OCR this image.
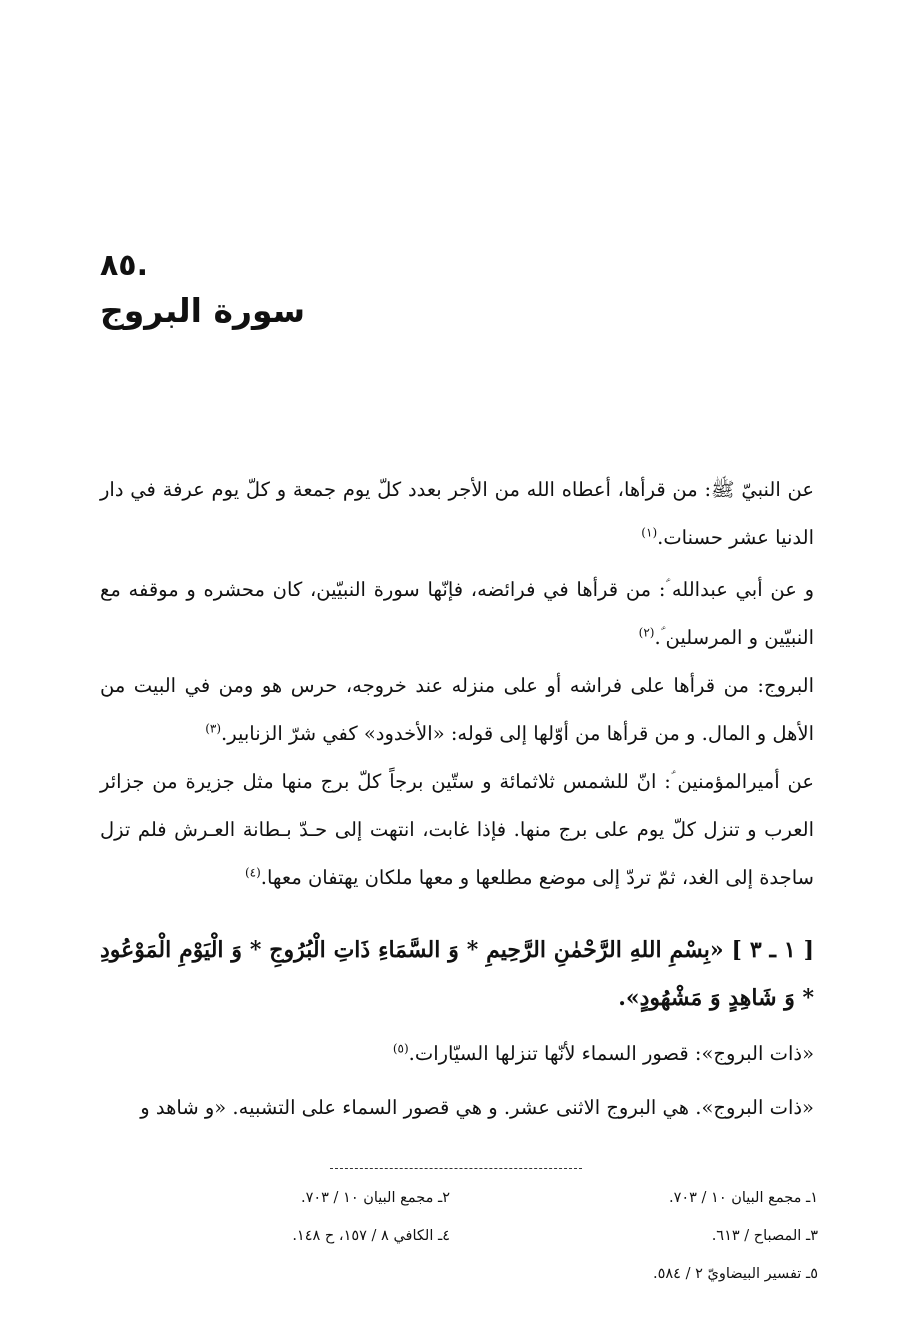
.٨٥
سورة البروج

عن النبيّ ﷺ: من قرأها، أعطاه الله من الأجر بعدد كلّ يوم جمعة و كلّ يوم عرفة في دار الدنيا عشر حسنات.$^{(١)}$

و عن أبي عبدالله ؑ: من قرأها في فرائضه، فإنّها سورة النبيّين، كان محشره و موقفه مع النبيّين و المرسلين ؑ.$^{(٢)}$

البروج: من قرأها على فراشه أو على منزله عند خروجه، حرس هو ومن في البيت من الأهل و المال. و من قرأها من أوّلها إلى قوله: «الأخدود» كفي شرّ الزنابير.$^{(٣)}$

عن أميرالمؤمنين ؑ: انّ للشمس ثلاثمائة و ستّين برجاً كلّ برج منها مثل جزيرة من جزائر العرب و تنزل كلّ يوم على برج منها. فإذا غابت، انتهت إلى حـدّ بـطانة العـرش فلم تزل ساجدة إلى الغد، ثمّ تردّ إلى موضع مطلعها و معها ملكان يهتفان معها.$^{(٤)}$

[ ١ ـ ٣ ] «بِسْمِ اللهِ الرَّحْمٰنِ الرَّحِيمِ * وَ السَّمَاءِ ذَاتِ الْبُرُوجِ * وَ الْيَوْمِ الْمَوْعُودِ * وَ شَاهِدٍ وَ مَشْهُودٍ».

«ذات البروج»: قصور السماء لأنّها تنزلها السيّارات.$^{(٥)}$

«ذات البروج». هي البروج الاثنى عشر. و هي قصور السماء على التشبيه. «و شاهد و

١ـ مجمع البيان ١٠ / ٧٠٣.
٢ـ مجمع البيان ١٠ / ٧٠٣.
٣ـ المصباح / ٦١٣.
٤ـ الكافي ٨ / ١٥٧، ح ١٤٨.
٥ـ تفسير البيضاويّ ٢ / ٥٨٤.
